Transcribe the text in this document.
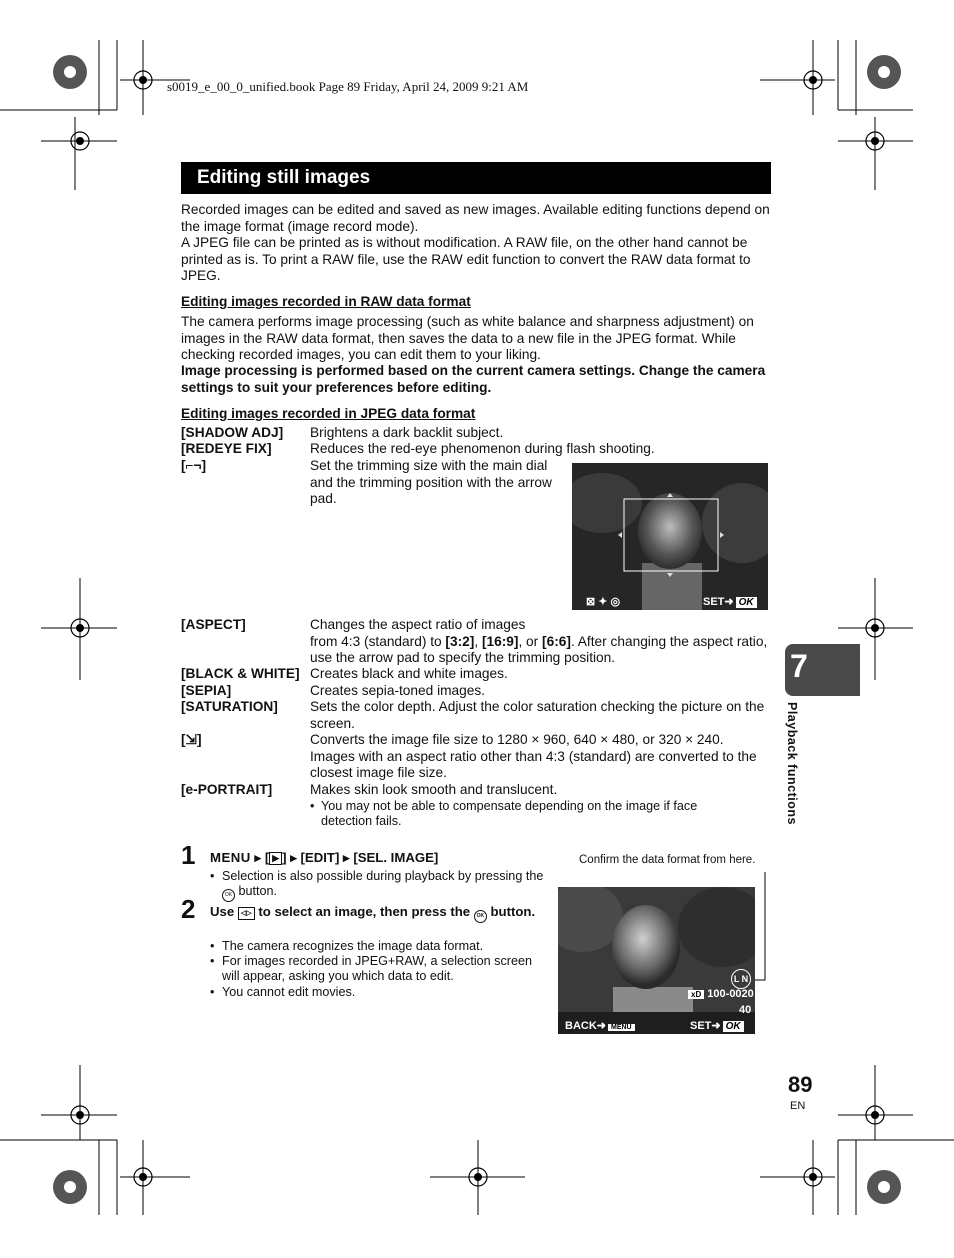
s0019_e_00_0_unified.book Page 89 Friday, April 24, 2009 9:21 AM
Editing still images
Recorded images can be edited and saved as new images. Available editing functions depend on the image format (image record mode).
A JPEG file can be printed as is without modification. A RAW file, on the other hand cannot be printed as is. To print a RAW file, use the RAW edit function to convert the RAW data format to JPEG.
Editing images recorded in RAW data format
The camera performs image processing (such as white balance and sharpness adjustment) on images in the RAW data format, then saves the data to a new file in the JPEG format. While checking recorded images, you can edit them to your liking.
Image processing is performed based on the current camera settings. Change the camera settings to suit your preferences before editing.
Editing images recorded in JPEG data format
[SHADOW ADJ] Brightens a dark backlit subject.
[REDEYE FIX]	Reduces the red-eye phenomenon during flash shooting.
[⌐¬]	Set the trimming size with the main dial and the trimming position with the arrow pad.
⊠ ✦ ◎	SET➜ OK
[ASPECT]	Changes the aspect ratio of images
from 4:3 (standard) to [3:2], [16:9], or [6:6]. After changing the aspect ratio, use the arrow pad to specify the trimming position.
[BLACK & WHITE] Creates black and white images.
[SEPIA]	Creates sepia-toned images.
[SATURATION] Sets the color depth. Adjust the color saturation checking the picture on the screen.
[⇲]	Converts the image file size to 1280 × 960, 640 × 480, or 320 × 240. Images with an aspect ratio other than 4:3 (standard) are converted to the closest image file size.
[e-PORTRAIT]	Makes skin look smooth and translucent.
• You may not be able to compensate depending on the image if face detection fails.
1 MENU ▸ [ ▶ ] ▸ [EDIT] ▸ [SEL. IMAGE]
• Selection is also possible during playback by pressing the OK button.
2 Use ◁▷ to select an image, then press the OK button.
• The camera recognizes the image data format.
• For images recorded in JPEG+RAW, a selection screen will appear, asking you which data to edit.
• You cannot edit movies.
Confirm the data format from here.
L N
xD 100-0020
40
BACK➜ MENU	SET➜ OK
7
Playback functions
89
EN
